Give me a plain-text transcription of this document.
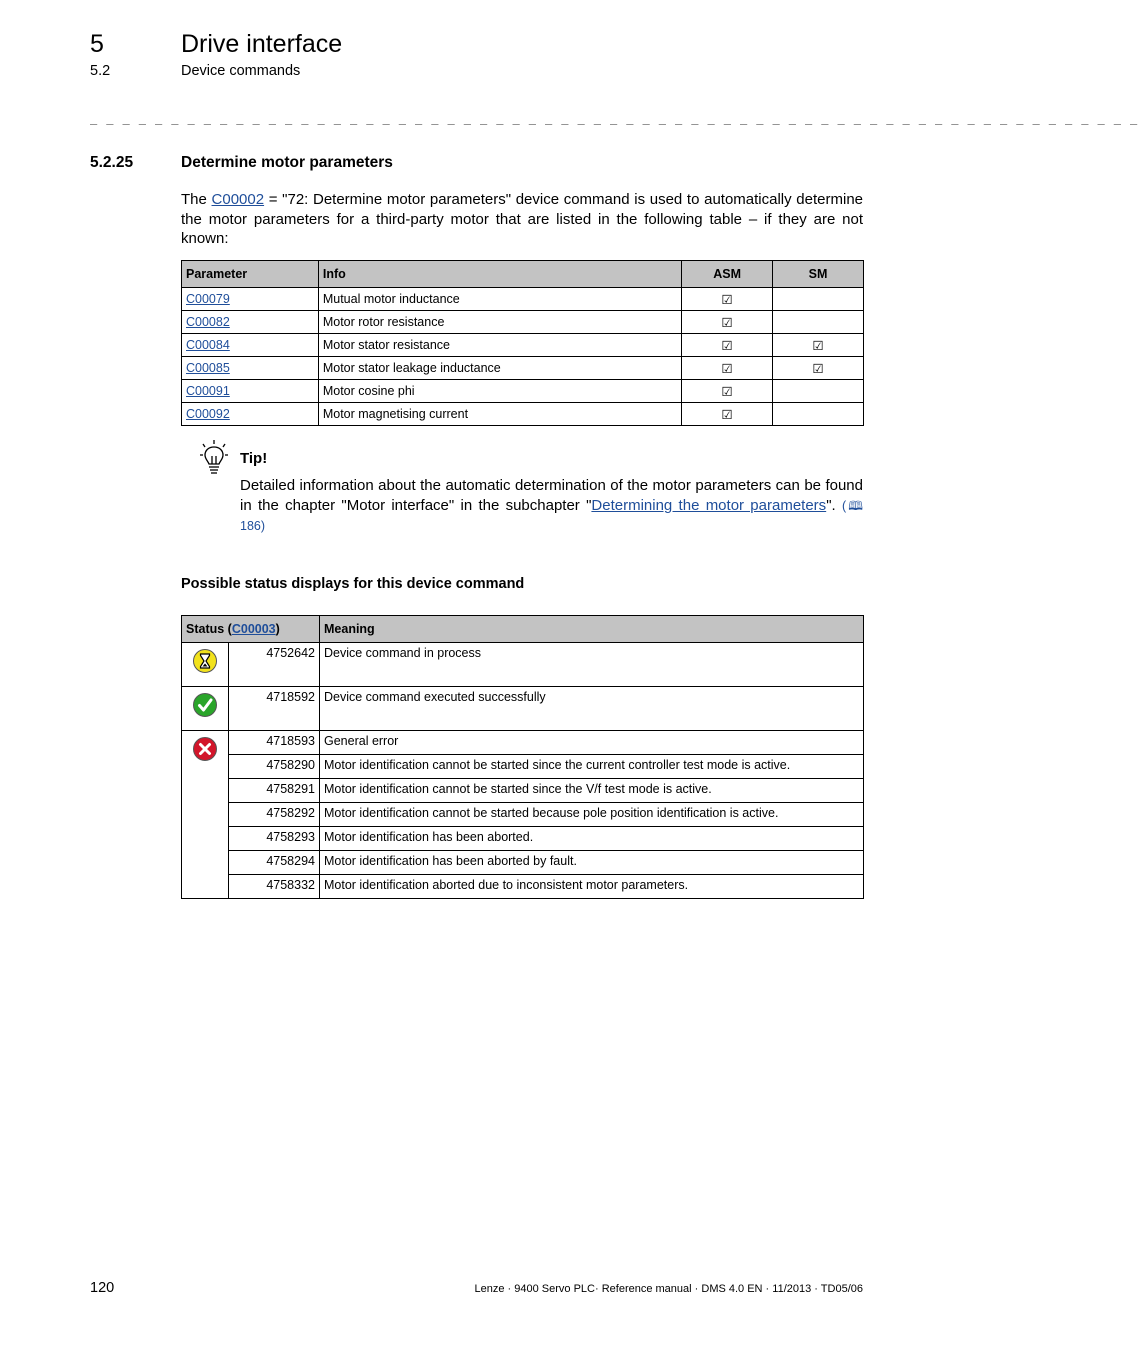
5	Drive interface
5.2	Device commands
_ _ _ _ _ _ _ _ _ _ _ _ _ _ _ _ _ _ _ _ _ _ _ _ _ _ _ _ _ _ _ _ _ _ _ _ _ _ _ _ _ _ _ _ _ _ _ _ _ _ _ _ _ _ _ _ _ _ _ _ _ _ _ _ _
5.2.25	Determine motor parameters

The C00002 = "72: Determine motor parameters" device command is used to automatically determine the motor parameters for a third-party motor that are listed in the following table – if they are not known:

Parameter	Info	ASM	SM
C00079	Mutual motor inductance	☑	
C00082	Motor rotor resistance	☑	
C00084	Motor stator resistance	☑	☑
C00085	Motor stator leakage inductance	☑	☑
C00091	Motor cosine phi	☑	
C00092	Motor magnetising current	☑	
Tip!

Detailed information about the automatic determination of the motor parameters can be found in the chapter "Motor interface" in the subchapter "Determining the motor parameters". (🕮 186)

Possible status displays for this device command
Status (C00003)		Meaning
	4752642	Device command in process
	4718592	Device command executed successfully
	4718593	General error
	4758290	Motor identification cannot be started since the current controller test mode is active.
	4758291	Motor identification cannot be started since the V/f test mode is active.
	4758292	Motor identification cannot be started because pole position identification is active.
	4758293	Motor identification has been aborted.
	4758294	Motor identification has been aborted by fault.
	4758332	Motor identification aborted due to inconsistent motor parameters.
120	Lenze · 9400 Servo PLC· Reference manual · DMS 4.0 EN · 11/2013 · TD05/06
